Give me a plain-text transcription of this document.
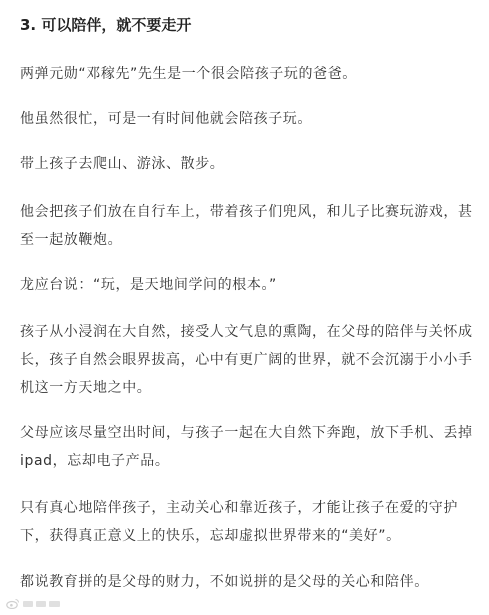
3. 可以陪伴，就不要走开

两弹元勋“邓稼先”先生是一个很会陪孩子玩的爸爸。

他虽然很忙，可是一有时间他就会陪孩子玩。

带上孩子去爬山、游泳、散步。

他会把孩子们放在自行车上，带着孩子们兜风，和儿子比赛玩游戏，甚至一起放鞭炮。

龙应台说：“玩，是天地间学问的根本。”

孩子从小浸润在大自然，接受人文气息的熏陶，在父母的陪伴与关怀成长，孩子自然会眼界拔高，心中有更广阔的世界，就不会沉溺于小小手机这一方天地之中。

父母应该尽量空出时间，与孩子一起在大自然下奔跑，放下手机、丢掉ipad，忘却电子产品。

只有真心地陪伴孩子，主动关心和靠近孩子，才能让孩子在爱的守护下，获得真正意义上的快乐，忘却虚拟世界带来的“美好”。

都说教育拼的是父母的财力，不如说拼的是父母的关心和陪伴。
